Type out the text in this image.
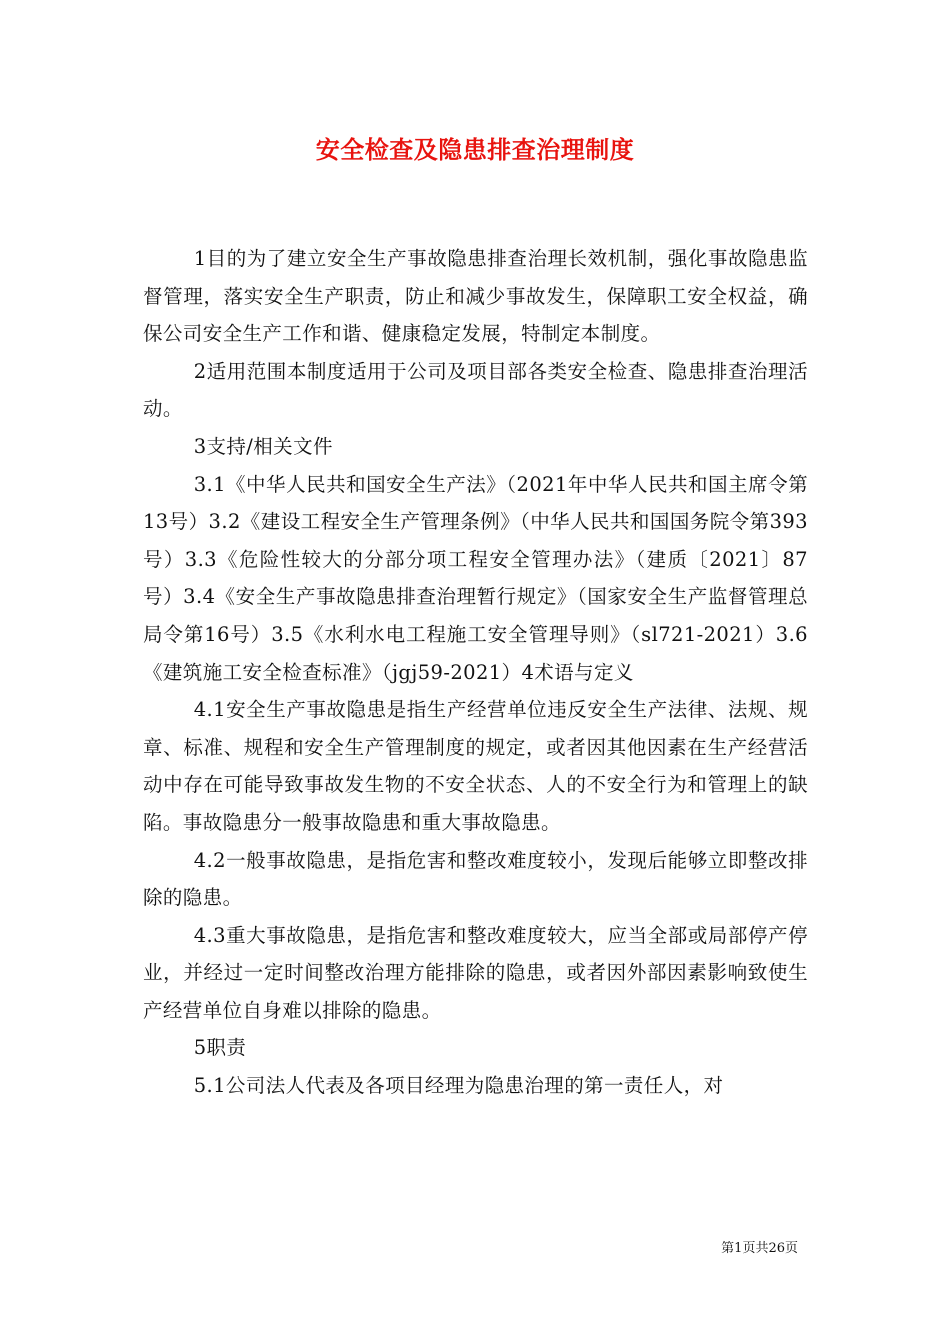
安全检查及隐患排查治理制度

1目的为了建立安全生产事故隐患排查治理长效机制，强化事故隐患监督管理，落实安全生产职责，防止和减少事故发生，保障职工安全权益，确保公司安全生产工作和谐、健康稳定发展，特制定本制度。

2适用范围本制度适用于公司及项目部各类安全检查、隐患排查治理活动。

3支持/相关文件

3.1《中华人民共和国安全生产法》（2021年中华人民共和国主席令第13号）3.2《建设工程安全生产管理条例》（中华人民共和国国务院令第393号）3.3《危险性较大的分部分项工程安全管理办法》（建质〔2021〕87号）3.4《安全生产事故隐患排查治理暂行规定》（国家安全生产监督管理总局令第16号）3.5《水利水电工程施工安全管理导则》（sl721-2021）3.6《建筑施工安全检查标准》（jgj59-2021）4术语与定义

4.1安全生产事故隐患是指生产经营单位违反安全生产法律、法规、规章、标准、规程和安全生产管理制度的规定，或者因其他因素在生产经营活动中存在可能导致事故发生物的不安全状态、人的不安全行为和管理上的缺陷。事故隐患分一般事故隐患和重大事故隐患。

4.2一般事故隐患，是指危害和整改难度较小，发现后能够立即整改排除的隐患。

4.3重大事故隐患，是指危害和整改难度较大，应当全部或局部停产停业，并经过一定时间整改治理方能排除的隐患，或者因外部因素影响致使生产经营单位自身难以排除的隐患。

5职责

5.1公司法人代表及各项目经理为隐患治理的第一责任人，对

第1页共26页
